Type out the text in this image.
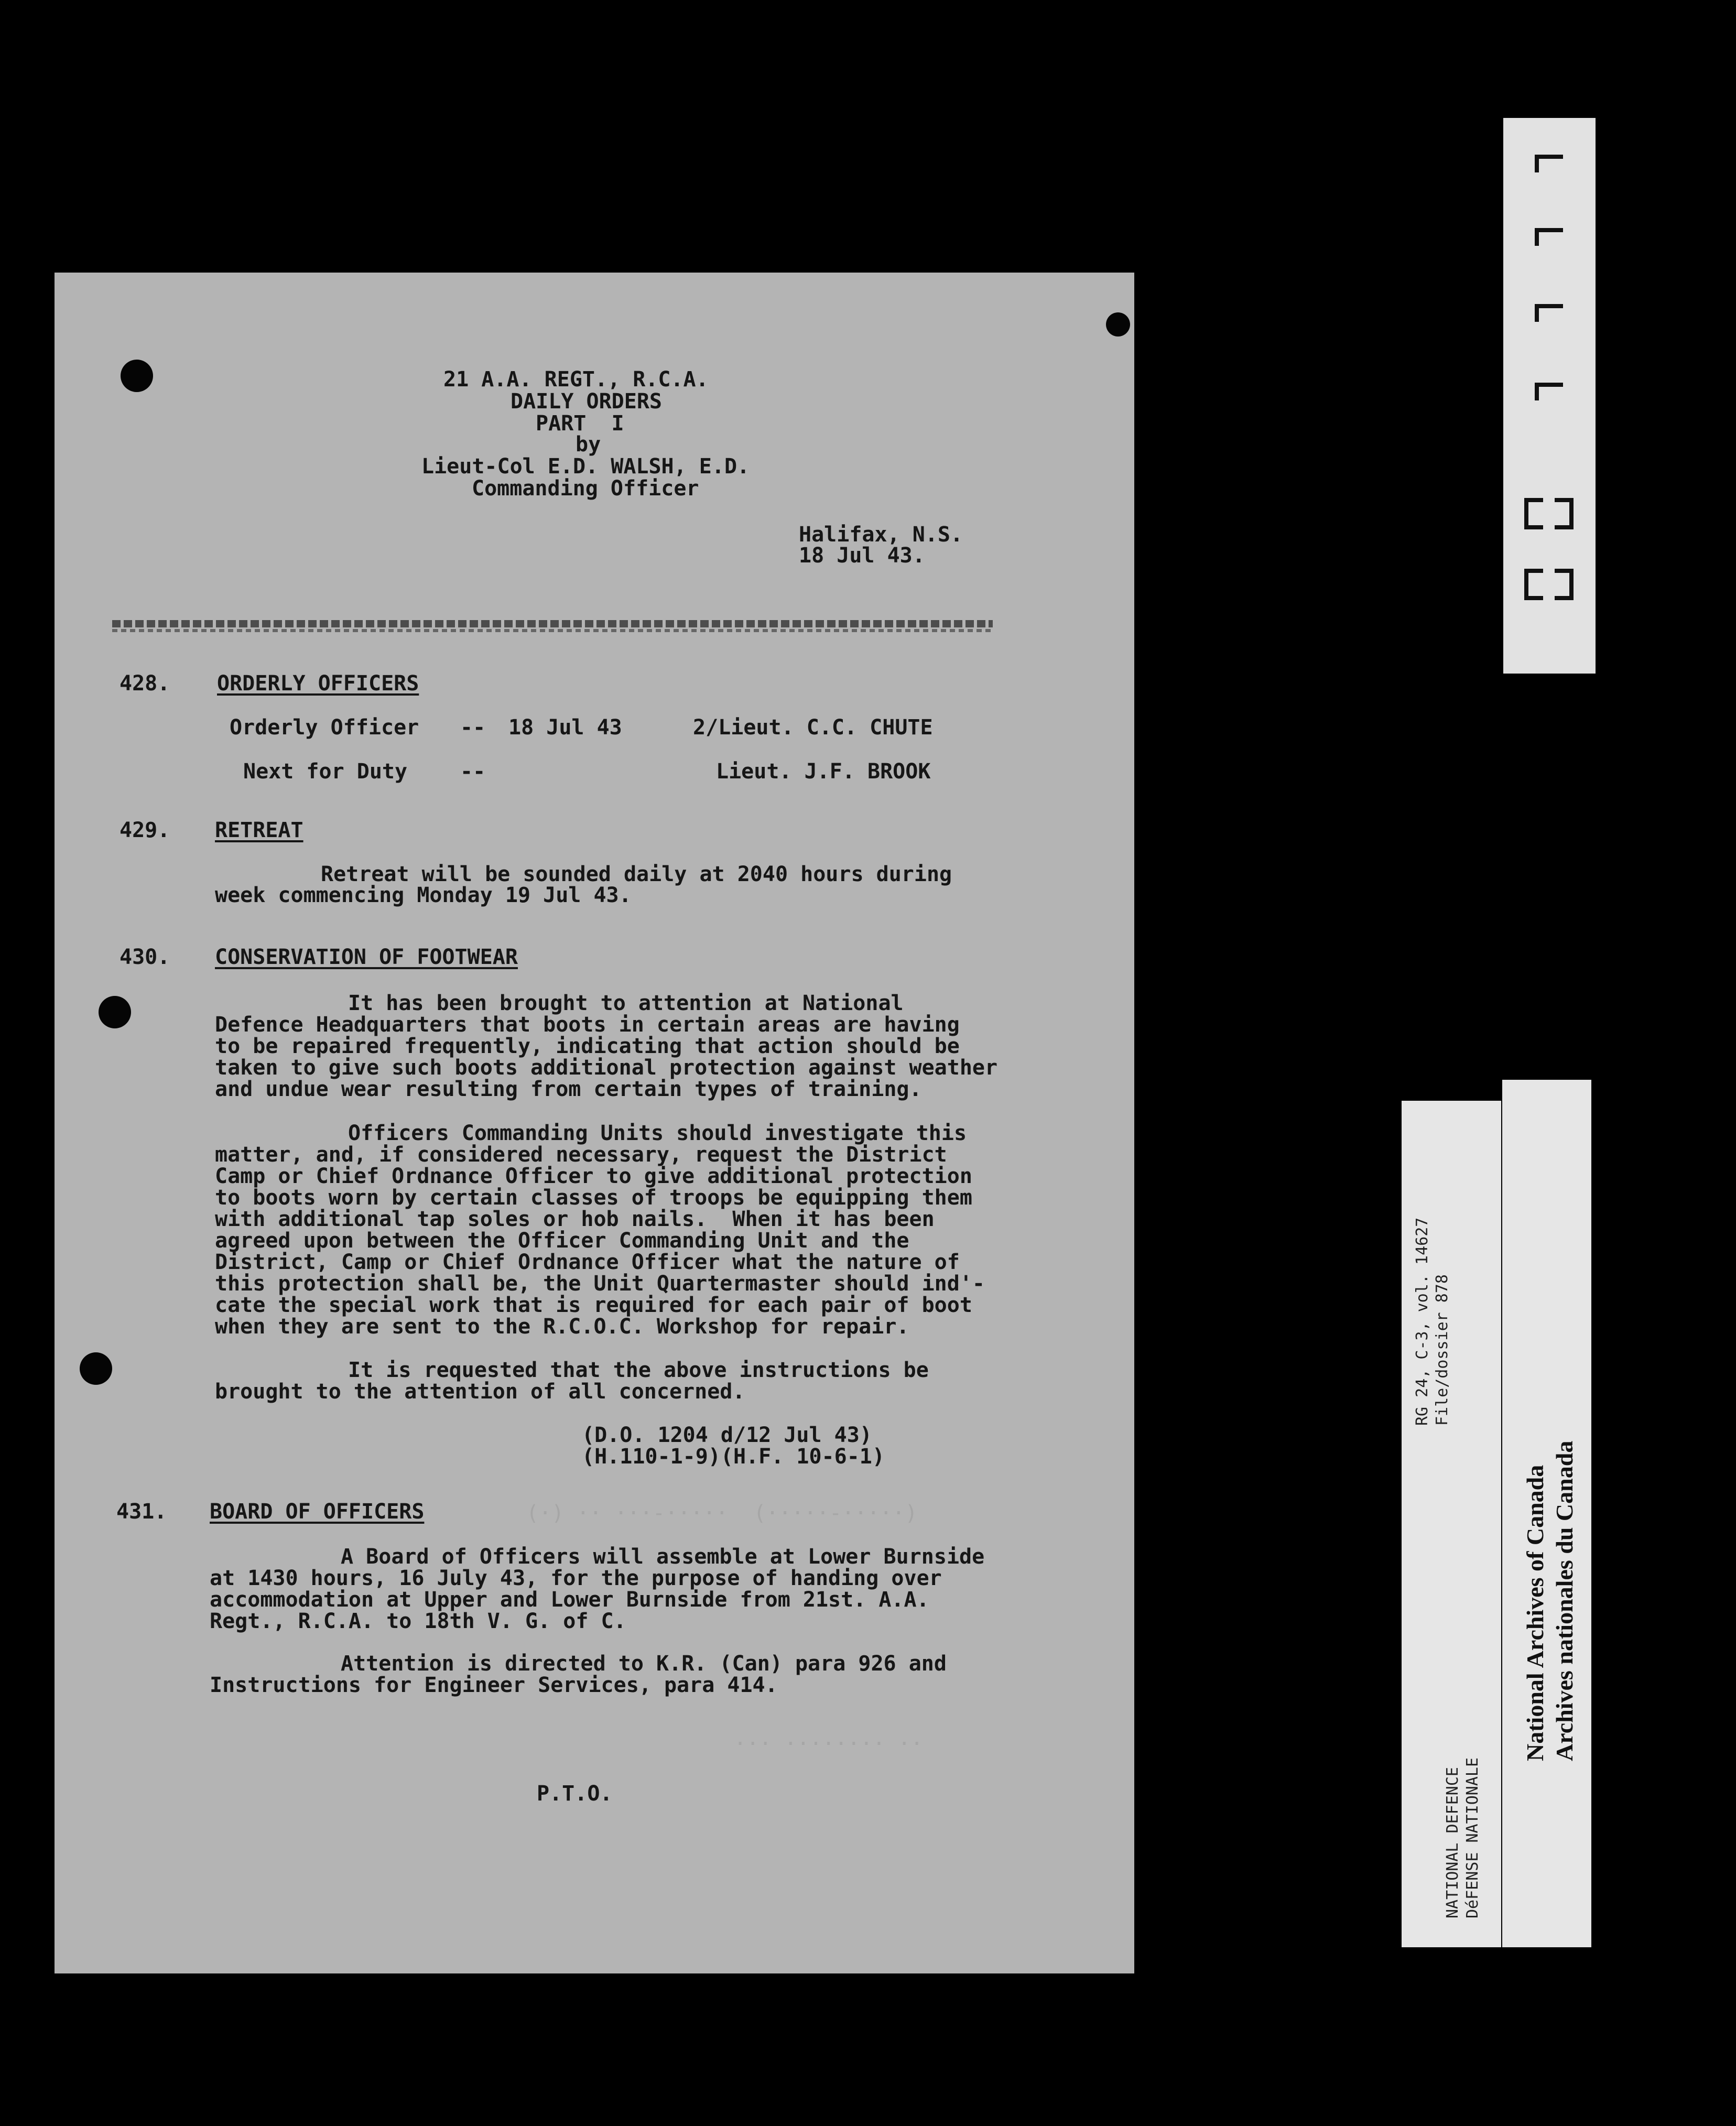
21 A.A. REGT., R.C.A.
DAILY ORDERS
PART  I
by
Lieut-Col E.D. WALSH, E.D.
Commanding Officer
Halifax, N.S.
18 Jul 43.
428. ORDERLY OFFICERS
Orderly Officer -- 18 Jul 43	2/Lieut. C.C. CHUTE
Next for Duty	--	Lieut. J.F. BROOK
429. RETREAT
Retreat will be sounded daily at 2040 hours during
week commencing Monday 19 Jul 43.
430. CONSERVATION OF FOOTWEAR
It has been brought to attention at National
Defence Headquarters that boots in certain areas are having
to be repaired frequently, indicating that action should be
taken to give such boots additional protection against weather
and undue wear resulting from certain types of training.
Officers Commanding Units should investigate this
matter, and, if considered necessary, request the District
Camp or Chief Ordnance Officer to give additional protection
to boots worn by certain classes of troops be equipping them
with additional tap soles or hob nails.  When it has been
agreed upon between the Officer Commanding Unit and the
District, Camp or Chief Ordnance Officer what the nature of
this protection shall be, the Unit Quartermaster should ind'-
cate the special work that is required for each pair of boot
when they are sent to the R.C.O.C. Workshop for repair.
It is requested that the above instructions be
brought to the attention of all concerned.
(D.O. 1204 d/12 Jul 43)
(H.110-1-9)(H.F. 10-6-1)
(·) ·· ···-·····  (·····-·····)
431. BOARD OF OFFICERS
A Board of Officers will assemble at Lower Burnside
at 1430 hours, 16 July 43, for the purpose of handing over
accommodation at Upper and Lower Burnside from 21st. A.A.
Regt., R.C.A. to 18th V. G. of C.
Attention is directed to K.R. (Can) para 926 and
Instructions for Engineer Services, para 414.
··· ········ ··
P.T.O.
RG 24, C-3, vol. 14627 File/dossier 878
NATIONAL DEFENCE DéFENSE NATIONALE
National Archives of Canada Archives nationales du Canada
